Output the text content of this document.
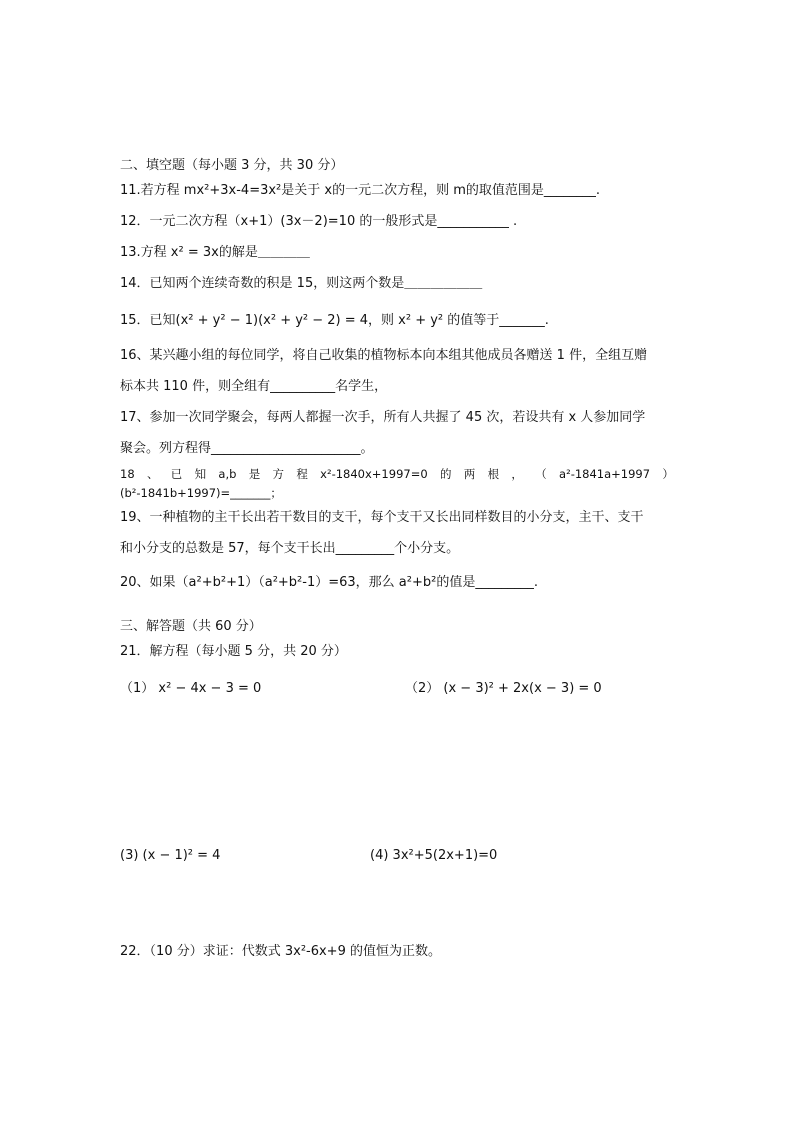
二、填空题（每小题 3 分，共 30 分）
11.若方程 mx²+3x-4=3x²是关于 x的一元二次方程，则 m的取值范围是________.
12．一元二次方程（x+1）(3x－2)=10 的一般形式是___________ .
13.方程 x² = 3x的解是＿＿＿＿
14．已知两个连续奇数的积是 15，则这两个数是＿＿＿＿＿＿
15．已知(x² + y² − 1)(x² + y² − 2) = 4，则 x² + y² 的值等于_______.
16、某兴趣小组的每位同学，将自己收集的植物标本向本组其他成员各赠送 1 件，全组互赠
标本共 110 件，则全组有__________名学生，
17、参加一次同学聚会，每两人都握一次手，所有人共握了 45 次，若设共有 x 人参加同学
聚会。列方程得_______________________。
18 、 已 知 a,b 是 方 程 x²-1840x+1997=0 的 两 根 ， （ a²-1841a+1997 ）
(b²-1841b+1997)=_______；
19、一种植物的主干长出若干数目的支干，每个支干又长出同样数目的小分支，主干、支干
和小分支的总数是 57，每个支干长出_________个小分支。
20、如果（a²+b²+1）（a²+b²-1）=63，那么 a²+b²的值是_________.
三、解答题（共 60 分）
21．解方程（每小题 5 分，共 20 分）
（1） x² − 4x − 3 = 0	（2） (x − 3)² + 2x(x − 3) = 0
(3) (x − 1)² = 4	(4) 3x²+5(2x+1)=0
22．（10 分）求证：代数式 3x²-6x+9 的值恒为正数。
